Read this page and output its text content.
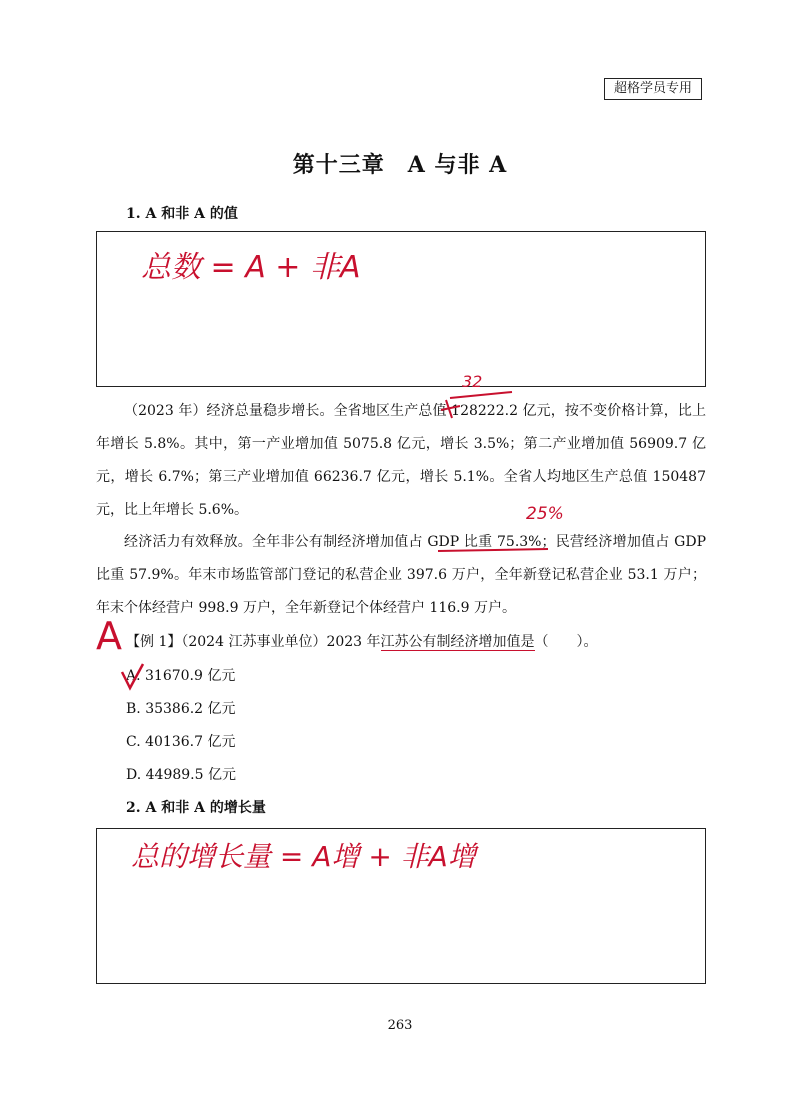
超格学员专用
第十三章　A 与非 A
1. A 和非 A 的值
总数 = A + 非A
（2023 年）经济总量稳步增长。全省地区生产总值 128222.2 亿元，按不变价格计算，比上年增长 5.8%。其中，第一产业增加值 5075.8 亿元，增长 3.5%；第二产业增加值 56909.7 亿元，增长 6.7%；第三产业增加值 66236.7 亿元，增长 5.1%。全省人均地区生产总值 150487 元，比上年增长 5.6%。
经济活力有效释放。全年非公有制经济增加值占 GDP 比重 75.3%；民营经济增加值占 GDP 比重 57.9%。年末市场监管部门登记的私营企业 397.6 万户，全年新登记私营企业 53.1 万户；年末个体经营户 998.9 万户，全年新登记个体经营户 116.9 万户。
32
25%
A 【例 1】（2024 江苏事业单位）2023 年江苏公有制经济增加值是（　　）。
A. 31670.9 亿元
B. 35386.2 亿元
C. 40136.7 亿元
D. 44989.5 亿元
2. A 和非 A 的增长量
总的增长量 = A增 + 非A增
263
